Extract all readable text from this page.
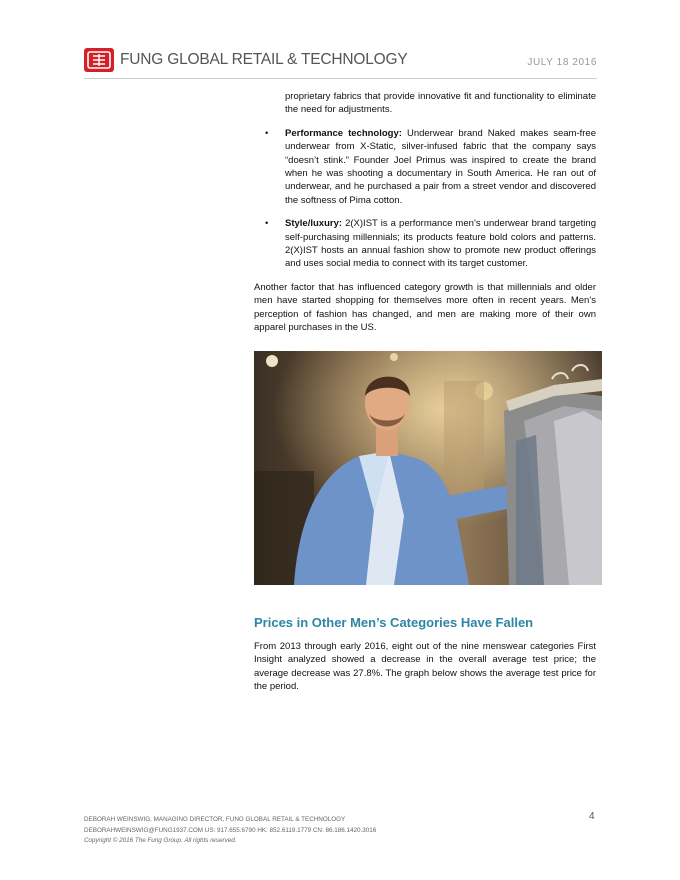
FUNG GLOBAL RETAIL & TECHNOLOGY	JULY 18 2016

proprietary fabrics that provide innovative fit and functionality to eliminate the need for adjustments.

• Performance technology: Underwear brand Naked makes seam-free underwear from X-Static, silver-infused fabric that the company says “doesn’t stink.” Founder Joel Primus was inspired to create the brand when he was shooting a documentary in South America. He ran out of underwear, and he purchased a pair from a street vendor and discovered the softness of Pima cotton.
• Style/luxury: 2(X)IST is a performance men’s underwear brand targeting self-purchasing millennials; its products feature bold colors and patterns. 2(X)IST hosts an annual fashion show to promote new product offerings and uses social media to connect with its target customer.

Another factor that has influenced category growth is that millennials and older men have started shopping for themselves more often in recent years. Men’s perception of fashion has changed, and men are making more of their own apparel purchases in the US.

Prices in Other Men’s Categories Have Fallen

From 2013 through early 2016, eight out of the nine menswear categories First Insight analyzed showed a decrease in the overall average test price; the average decrease was 27.8%. The graph below shows the average test price for the period.

DEBORAH WEINSWIG, MANAGING DIRECTOR, FUNG GLOBAL RETAIL & TECHNOLOGY
DEBORAHWEINSWIG@FUNG1937.COM US: 917.655.6790 HK: 852.6119.1779 CN: 86.186.1420.3016
Copyright © 2016 The Fung Group. All rights reserved.
4
